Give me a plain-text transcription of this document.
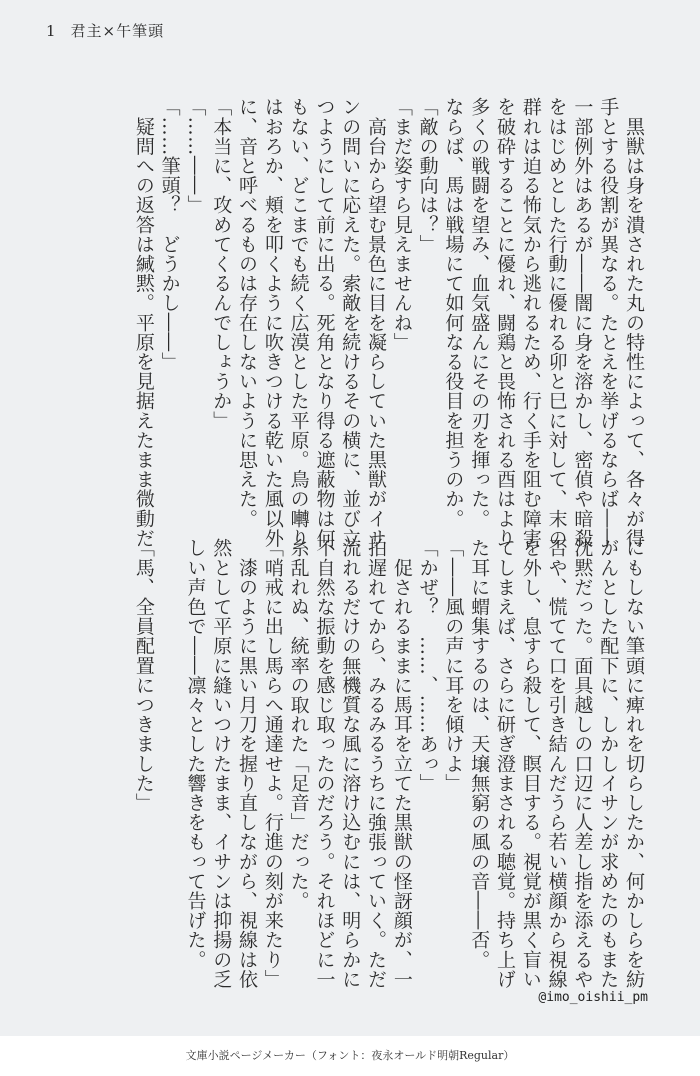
1 君主×午筆頭

　黒獣は身を潰された丸の特性によって、各々が得

手とする役割が異なる。たとえを挙げるならば――

一部例外はあるが――闇に身を溶かし、密偵や暗殺

をはじめとした行動に優れる卯と巳に対して、末の

群れは迫る怖気から逃れるため、行く手を阻む障害

を破砕することに優れ、闘鶏と畏怖される酉はより

多くの戦闘を望み、血気盛んにその刃を揮った。

ならば、馬は戦場にて如何なる役目を担うのか。

「敵の動向は？」

「まだ姿すら見えませんね」

　高台から望む景色に目を凝らしていた黒獣がイサ

ンの問いに応えた。索敵を続けるその横に、並び立

つようにして前に出る。死角となり得る遮蔽物は何

もない、どこまでも続く広漠とした平原。鳥の囀り

はおろか、頬を叩くように吹きつける乾いた風以外

に、音と呼べるものは存在しないように思えた。

「本当に、攻めてくるんでしょうか」

「……――」

「……筆頭？　どうかし――」

　疑問への返答は緘黙。平原を見据えたまま微動だ

にもしない筆頭に痺れを切らしたか、何かしらを紡

がんとした配下に、しかしイサンが求めたのもまた

沈黙だった。面具越しの口辺に人差し指を添えるや

否や、慌てて口を引き結んだうら若い横顔から視線

を外し、息すら殺して、瞑目する。視覚が黒く盲い

てしまえば、さらに研ぎ澄まされる聴覚。持ち上げ

た耳に蝟集するのは、天壌無窮の風の音――否。

「――風の声に耳を傾けよ」

「かぜ？　……、……あっ」

　促されるままに馬耳を立てた黒獣の怪訝顔が、一

拍遅れてから、みるみるうちに強張っていく。ただ

流れるだけの無機質な風に溶け込むには、明らかに

不自然な振動を感じ取ったのだろう。それほどに一

糸乱れぬ、統率の取れた「足音」だった。

「哨戒に出し馬らへ通達せよ。行進の刻が来たり」

　漆のように黒い月刀を握り直しながら、視線は依

然として平原に縫いつけたまま、イサンは抑揚の乏

しい声色で――凛々とした響きをもって告げた。

「馬、全員配置につきました」

@imo_oishii_pm
文庫小説ページメーカー（フォント：夜永オールド明朝Regular）
